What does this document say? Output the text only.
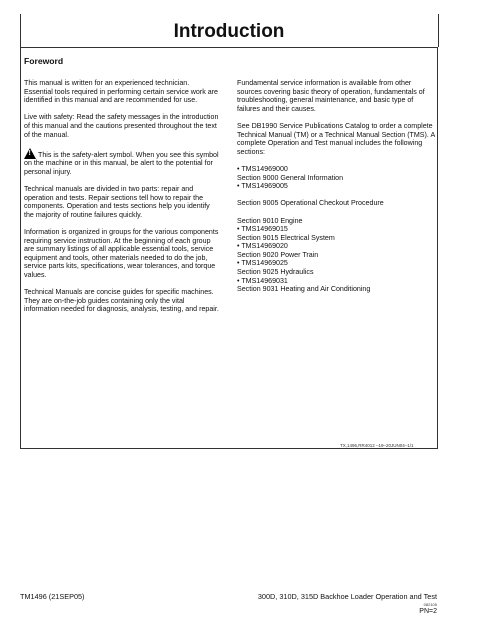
Introduction
Foreword

This manual is written for an experienced technician. Essential tools required in performing certain service work are identified in this manual and are recommended for use.

Live with safety: Read the safety messages in the introduction of this manual and the cautions presented throughout the text of the manual.

!This is the safety-alert symbol. When you see this symbol on the machine or in this manual, be alert to the potential for personal injury.

Technical manuals are divided in two parts: repair and operation and tests. Repair sections tell how to repair the components. Operation and tests sections help you identify the majority of routine failures quickly.

Information is organized in groups for the various components requiring service instruction. At the beginning of each group are summary listings of all applicable essential tools, service equipment and tools, other materials needed to do the job, service parts kits, specifications, wear tolerances, and torque values.

Technical Manuals are concise guides for specific machines. They are on-the-job guides containing only the vital information needed for diagnosis, analysis, testing, and repair.

Fundamental service information is available from other sources covering basic theory of operation, fundamentals of troubleshooting, general maintenance, and basic type of failures and their causes.

See DB1990 Service Publications Catalog to order a complete Technical Manual (TM) or a Technical Manual Section (TMS). A complete Operation and Test manual includes the following sections:

• TMS14969000

Section 9000 General Information

• TMS14969005

Section 9005 Operational Checkout Procedure

Section 9010 Engine

• TMS14969015

Section 9015 Electrical System

• TMS14969020

Section 9020 Power Train

• TMS14969025

Section 9025 Hydraulics

• TMS14969031

Section 9031 Heating and Air Conditioning

TX,1496,RR4012 –19–20JUN04–1/1
TM1496 (21SEP05)	300D, 310D, 315D Backhoe Loader Operation and Test
082105
PN=2
